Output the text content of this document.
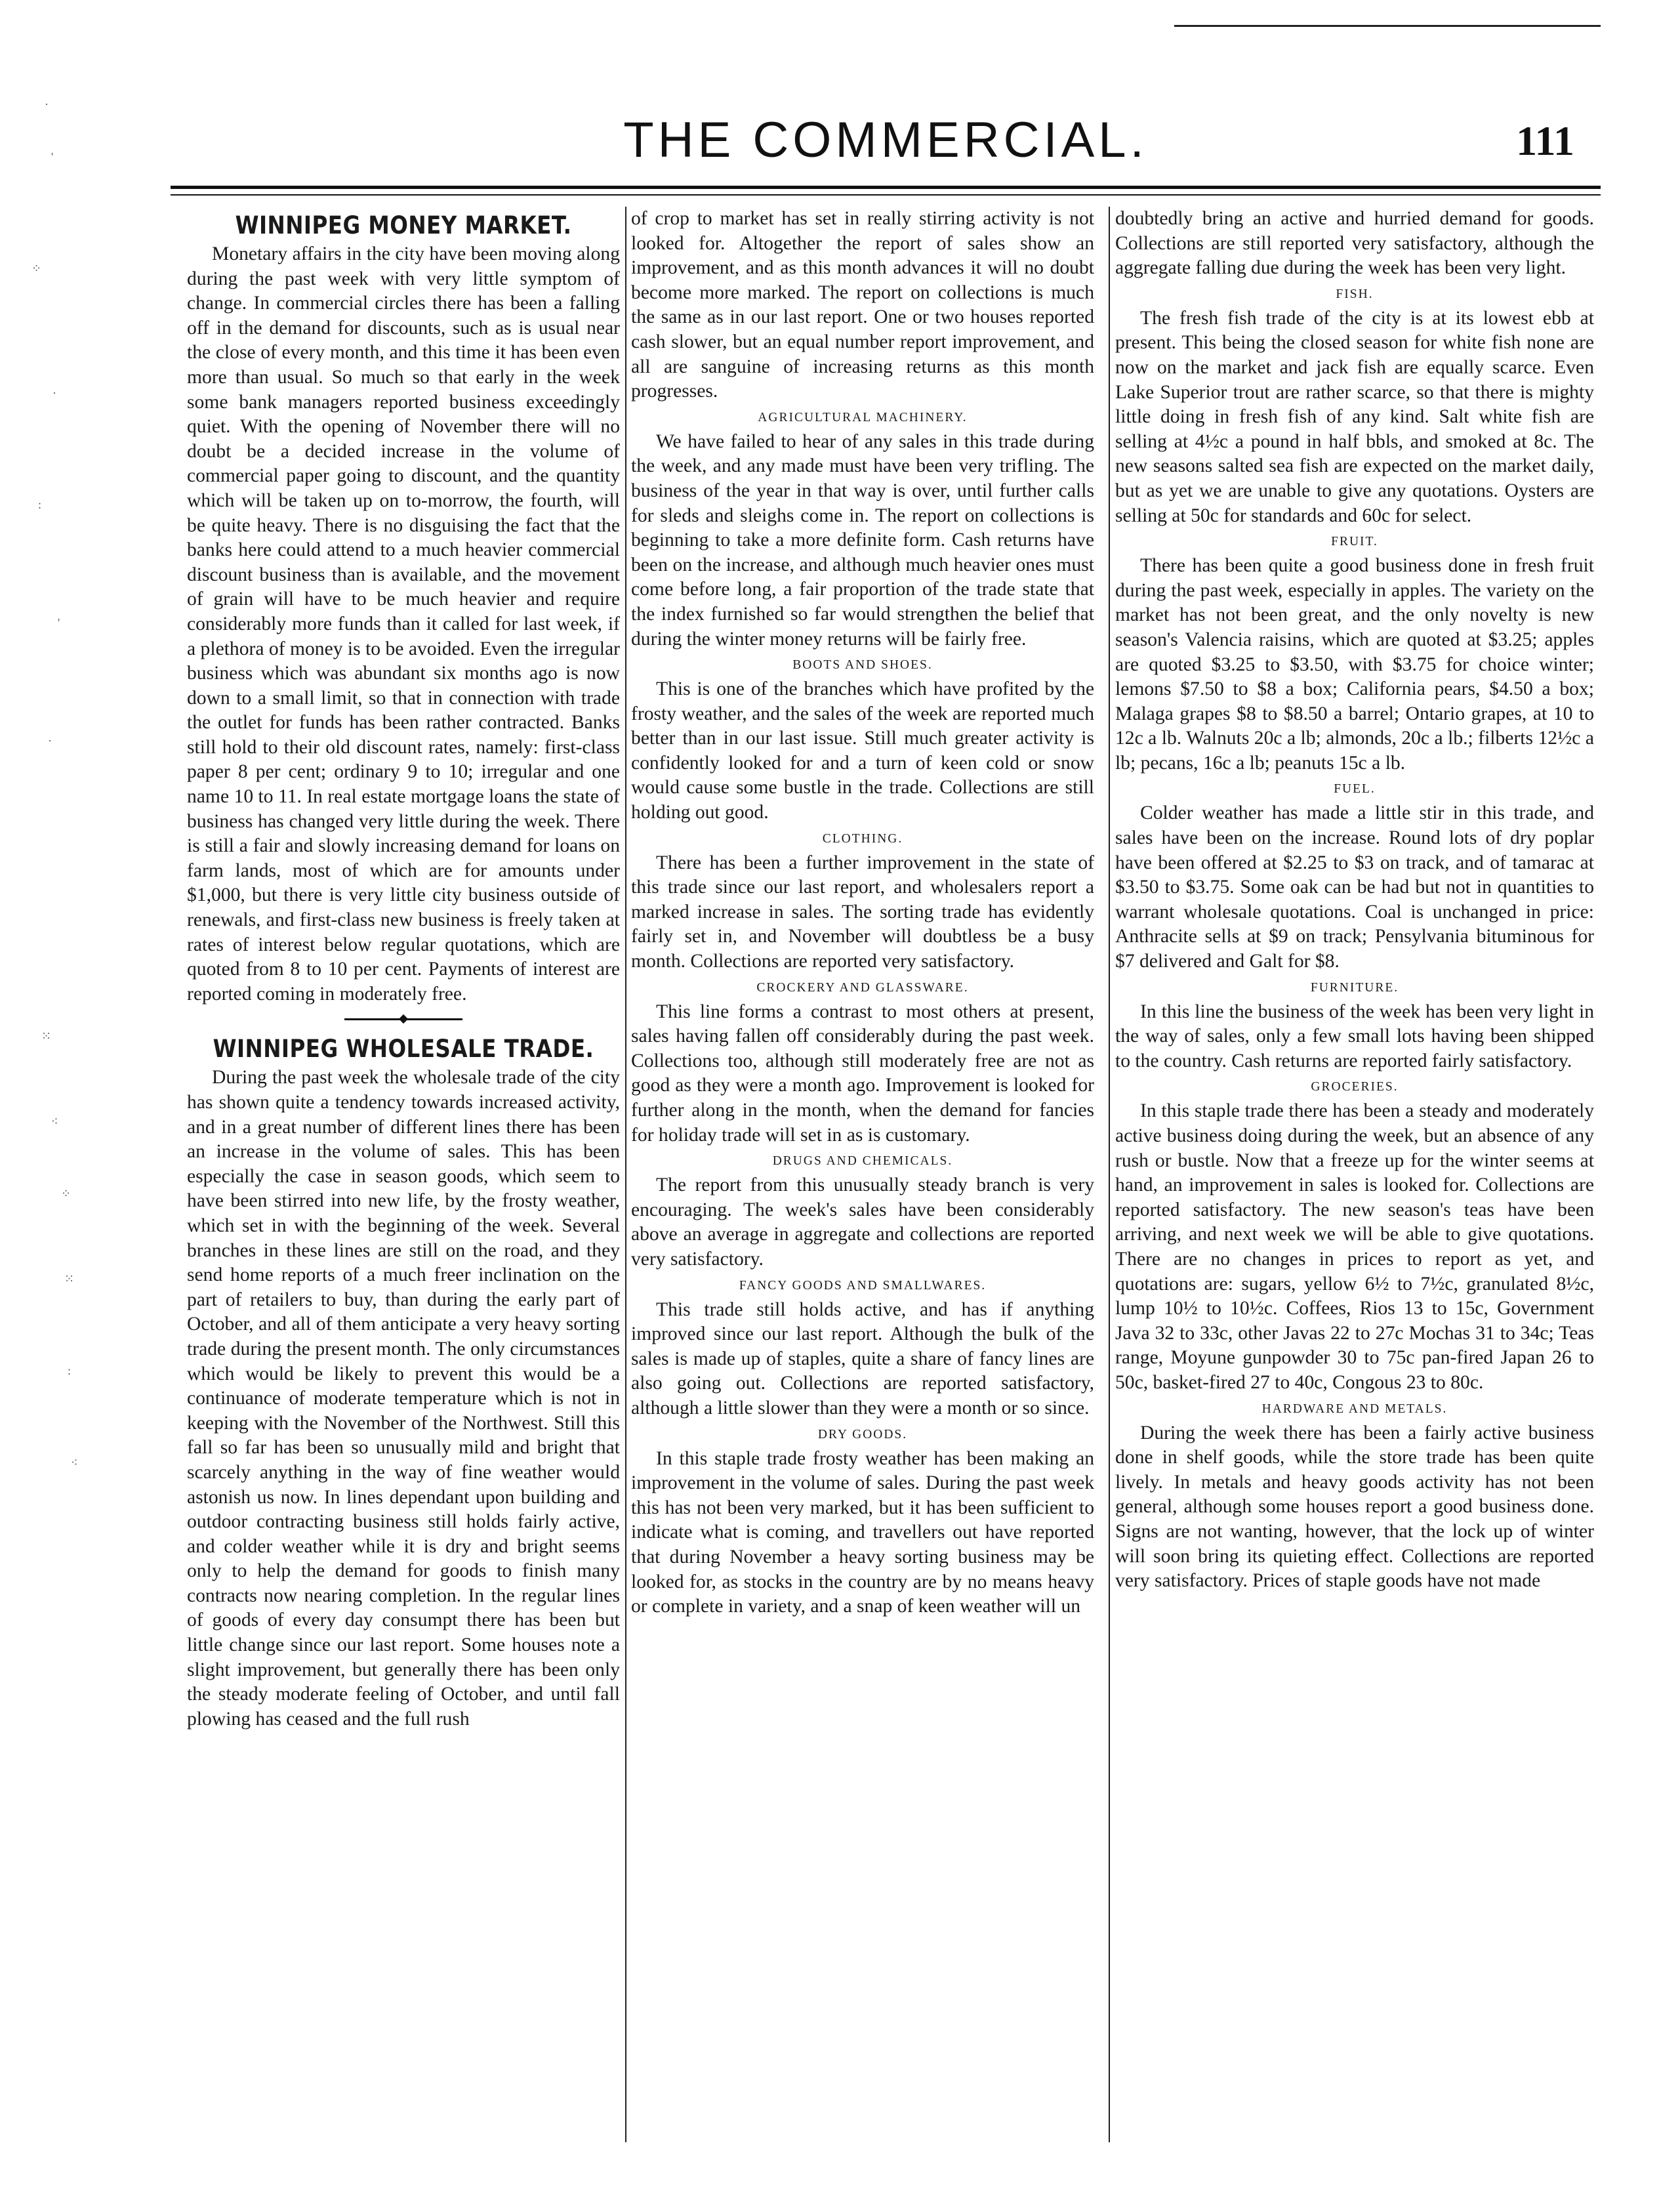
·
'
⁘
·
:
'
·
⁙
⁖
⁘
⁙
:
⁖
THE COMMERCIAL.	111
WINNIPEG MONEY MARKET.

Monetary affairs in the city have been moving along during the past week with very little symptom of change. In commercial circles there has been a falling off in the demand for discounts, such as is usual near the close of every month, and this time it has been even more than usual. So much so that early in the week some bank managers reported business exceedingly quiet. With the opening of November there will no doubt be a decided increase in the volume of commercial paper going to discount, and the quantity which will be taken up on to-morrow, the fourth, will be quite heavy. There is no disguising the fact that the banks here could attend to a much heavier commercial discount business than is available, and the movement of grain will have to be much heavier and require considerably more funds than it called for last week, if a plethora of money is to be avoided. Even the irregular business which was abundant six months ago is now down to a small limit, so that in connection with trade the outlet for funds has been rather contracted. Banks still hold to their old discount rates, namely: first-class paper 8 per cent; ordinary 9 to 10; irregular and one name 10 to 11. In real estate mortgage loans the state of business has changed very little during the week. There is still a fair and slowly increasing demand for loans on farm lands, most of which are for amounts under $1,000, but there is very little city business outside of renewals, and first-class new business is freely taken at rates of interest below regular quotations, which are quoted from 8 to 10 per cent. Payments of interest are reported coming in moderately free.

WINNIPEG WHOLESALE TRADE.

During the past week the wholesale trade of the city has shown quite a tendency towards increased activity, and in a great number of different lines there has been an increase in the volume of sales. This has been especially the case in season goods, which seem to have been stirred into new life, by the frosty weather, which set in with the beginning of the week. Several branches in these lines are still on the road, and they send home reports of a much freer inclination on the part of retailers to buy, than during the early part of October, and all of them anticipate a very heavy sorting trade during the present month. The only circumstances which would be likely to prevent this would be a continuance of moderate temperature which is not in keeping with the November of the Northwest. Still this fall so far has been so unusually mild and bright that scarcely anything in the way of fine weather would astonish us now. In lines dependant upon building and outdoor contracting business still holds fairly active, and colder weather while it is dry and bright seems only to help the demand for goods to finish many contracts now nearing completion. In the regular lines of goods of every day consumpt there has been but little change since our last report. Some houses note a slight improvement, but generally there has been only the steady moderate feeling of October, and until fall plowing has ceased and the full rush

of crop to market has set in really stirring activity is not looked for. Altogether the report of sales show an improvement, and as this month advances it will no doubt become more marked. The report on collections is much the same as in our last report. One or two houses reported cash slower, but an equal number report improvement, and all are sanguine of increasing returns as this month progresses.

AGRICULTURAL MACHINERY.

We have failed to hear of any sales in this trade during the week, and any made must have been very trifling. The business of the year in that way is over, until further calls for sleds and sleighs come in. The report on collections is beginning to take a more definite form. Cash returns have been on the increase, and although much heavier ones must come before long, a fair proportion of the trade state that the index furnished so far would strengthen the belief that during the winter money returns will be fairly free.

BOOTS AND SHOES.

This is one of the branches which have profited by the frosty weather, and the sales of the week are reported much better than in our last issue. Still much greater activity is confidently looked for and a turn of keen cold or snow would cause some bustle in the trade. Collections are still holding out good.

CLOTHING.

There has been a further improvement in the state of this trade since our last report, and wholesalers report a marked increase in sales. The sorting trade has evidently fairly set in, and November will doubtless be a busy month. Collections are reported very satisfactory.

CROCKERY AND GLASSWARE.

This line forms a contrast to most others at present, sales having fallen off considerably during the past week. Collections too, although still moderately free are not as good as they were a month ago. Improvement is looked for further along in the month, when the demand for fancies for holiday trade will set in as is customary.

DRUGS AND CHEMICALS.

The report from this unusually steady branch is very encouraging. The week's sales have been considerably above an average in aggregate and collections are reported very satisfactory.

FANCY GOODS AND SMALLWARES.

This trade still holds active, and has if anything improved since our last report. Although the bulk of the sales is made up of staples, quite a share of fancy lines are also going out. Collections are reported satisfactory, although a little slower than they were a month or so since.

DRY GOODS.

In this staple trade frosty weather has been making an improvement in the volume of sales. During the past week this has not been very marked, but it has been sufficient to indicate what is coming, and travellers out have reported that during November a heavy sorting business may be looked for, as stocks in the country are by no means heavy or complete in variety, and a snap of keen weather will un

doubtedly bring an active and hurried demand for goods. Collections are still reported very satisfactory, although the aggregate falling due during the week has been very light.

FISH.

The fresh fish trade of the city is at its lowest ebb at present. This being the closed season for white fish none are now on the market and jack fish are equally scarce. Even Lake Superior trout are rather scarce, so that there is mighty little doing in fresh fish of any kind. Salt white fish are selling at 4½c a pound in half bbls, and smoked at 8c. The new seasons salted sea fish are expected on the market daily, but as yet we are unable to give any quotations. Oysters are selling at 50c for standards and 60c for select.

FRUIT.

There has been quite a good business done in fresh fruit during the past week, especially in apples. The variety on the market has not been great, and the only novelty is new season's Valencia raisins, which are quoted at $3.25; apples are quoted $3.25 to $3.50, with $3.75 for choice winter; lemons $7.50 to $8 a box; California pears, $4.50 a box; Malaga grapes $8 to $8.50 a barrel; Ontario grapes, at 10 to 12c a lb. Walnuts 20c a lb; almonds, 20c a lb.; filberts 12½c a lb; pecans, 16c a lb; peanuts 15c a lb.

FUEL.

Colder weather has made a little stir in this trade, and sales have been on the increase. Round lots of dry poplar have been offered at $2.25 to $3 on track, and of tamarac at $3.50 to $3.75. Some oak can be had but not in quantities to warrant wholesale quotations. Coal is unchanged in price: Anthracite sells at $9 on track; Pensylvania bituminous for $7 delivered and Galt for $8.

FURNITURE.

In this line the business of the week has been very light in the way of sales, only a few small lots having been shipped to the country. Cash returns are reported fairly satisfactory.

GROCERIES.

In this staple trade there has been a steady and moderately active business doing during the week, but an absence of any rush or bustle. Now that a freeze up for the winter seems at hand, an improvement in sales is looked for. Collections are reported satisfactory. The new season's teas have been arriving, and next week we will be able to give quotations. There are no changes in prices to report as yet, and quotations are: sugars, yellow 6½ to 7½c, granulated 8½c, lump 10½ to 10½c. Coffees, Rios 13 to 15c, Government Java 32 to 33c, other Javas 22 to 27c Mochas 31 to 34c; Teas range, Moyune gunpowder 30 to 75c pan-fired Japan 26 to 50c, basket-fired 27 to 40c, Congous 23 to 80c.

HARDWARE AND METALS.

During the week there has been a fairly active business done in shelf goods, while the store trade has been quite lively. In metals and heavy goods activity has not been general, although some houses report a good business done. Signs are not wanting, however, that the lock up of winter will soon bring its quieting effect. Collections are reported very satisfactory. Prices of staple goods have not made
